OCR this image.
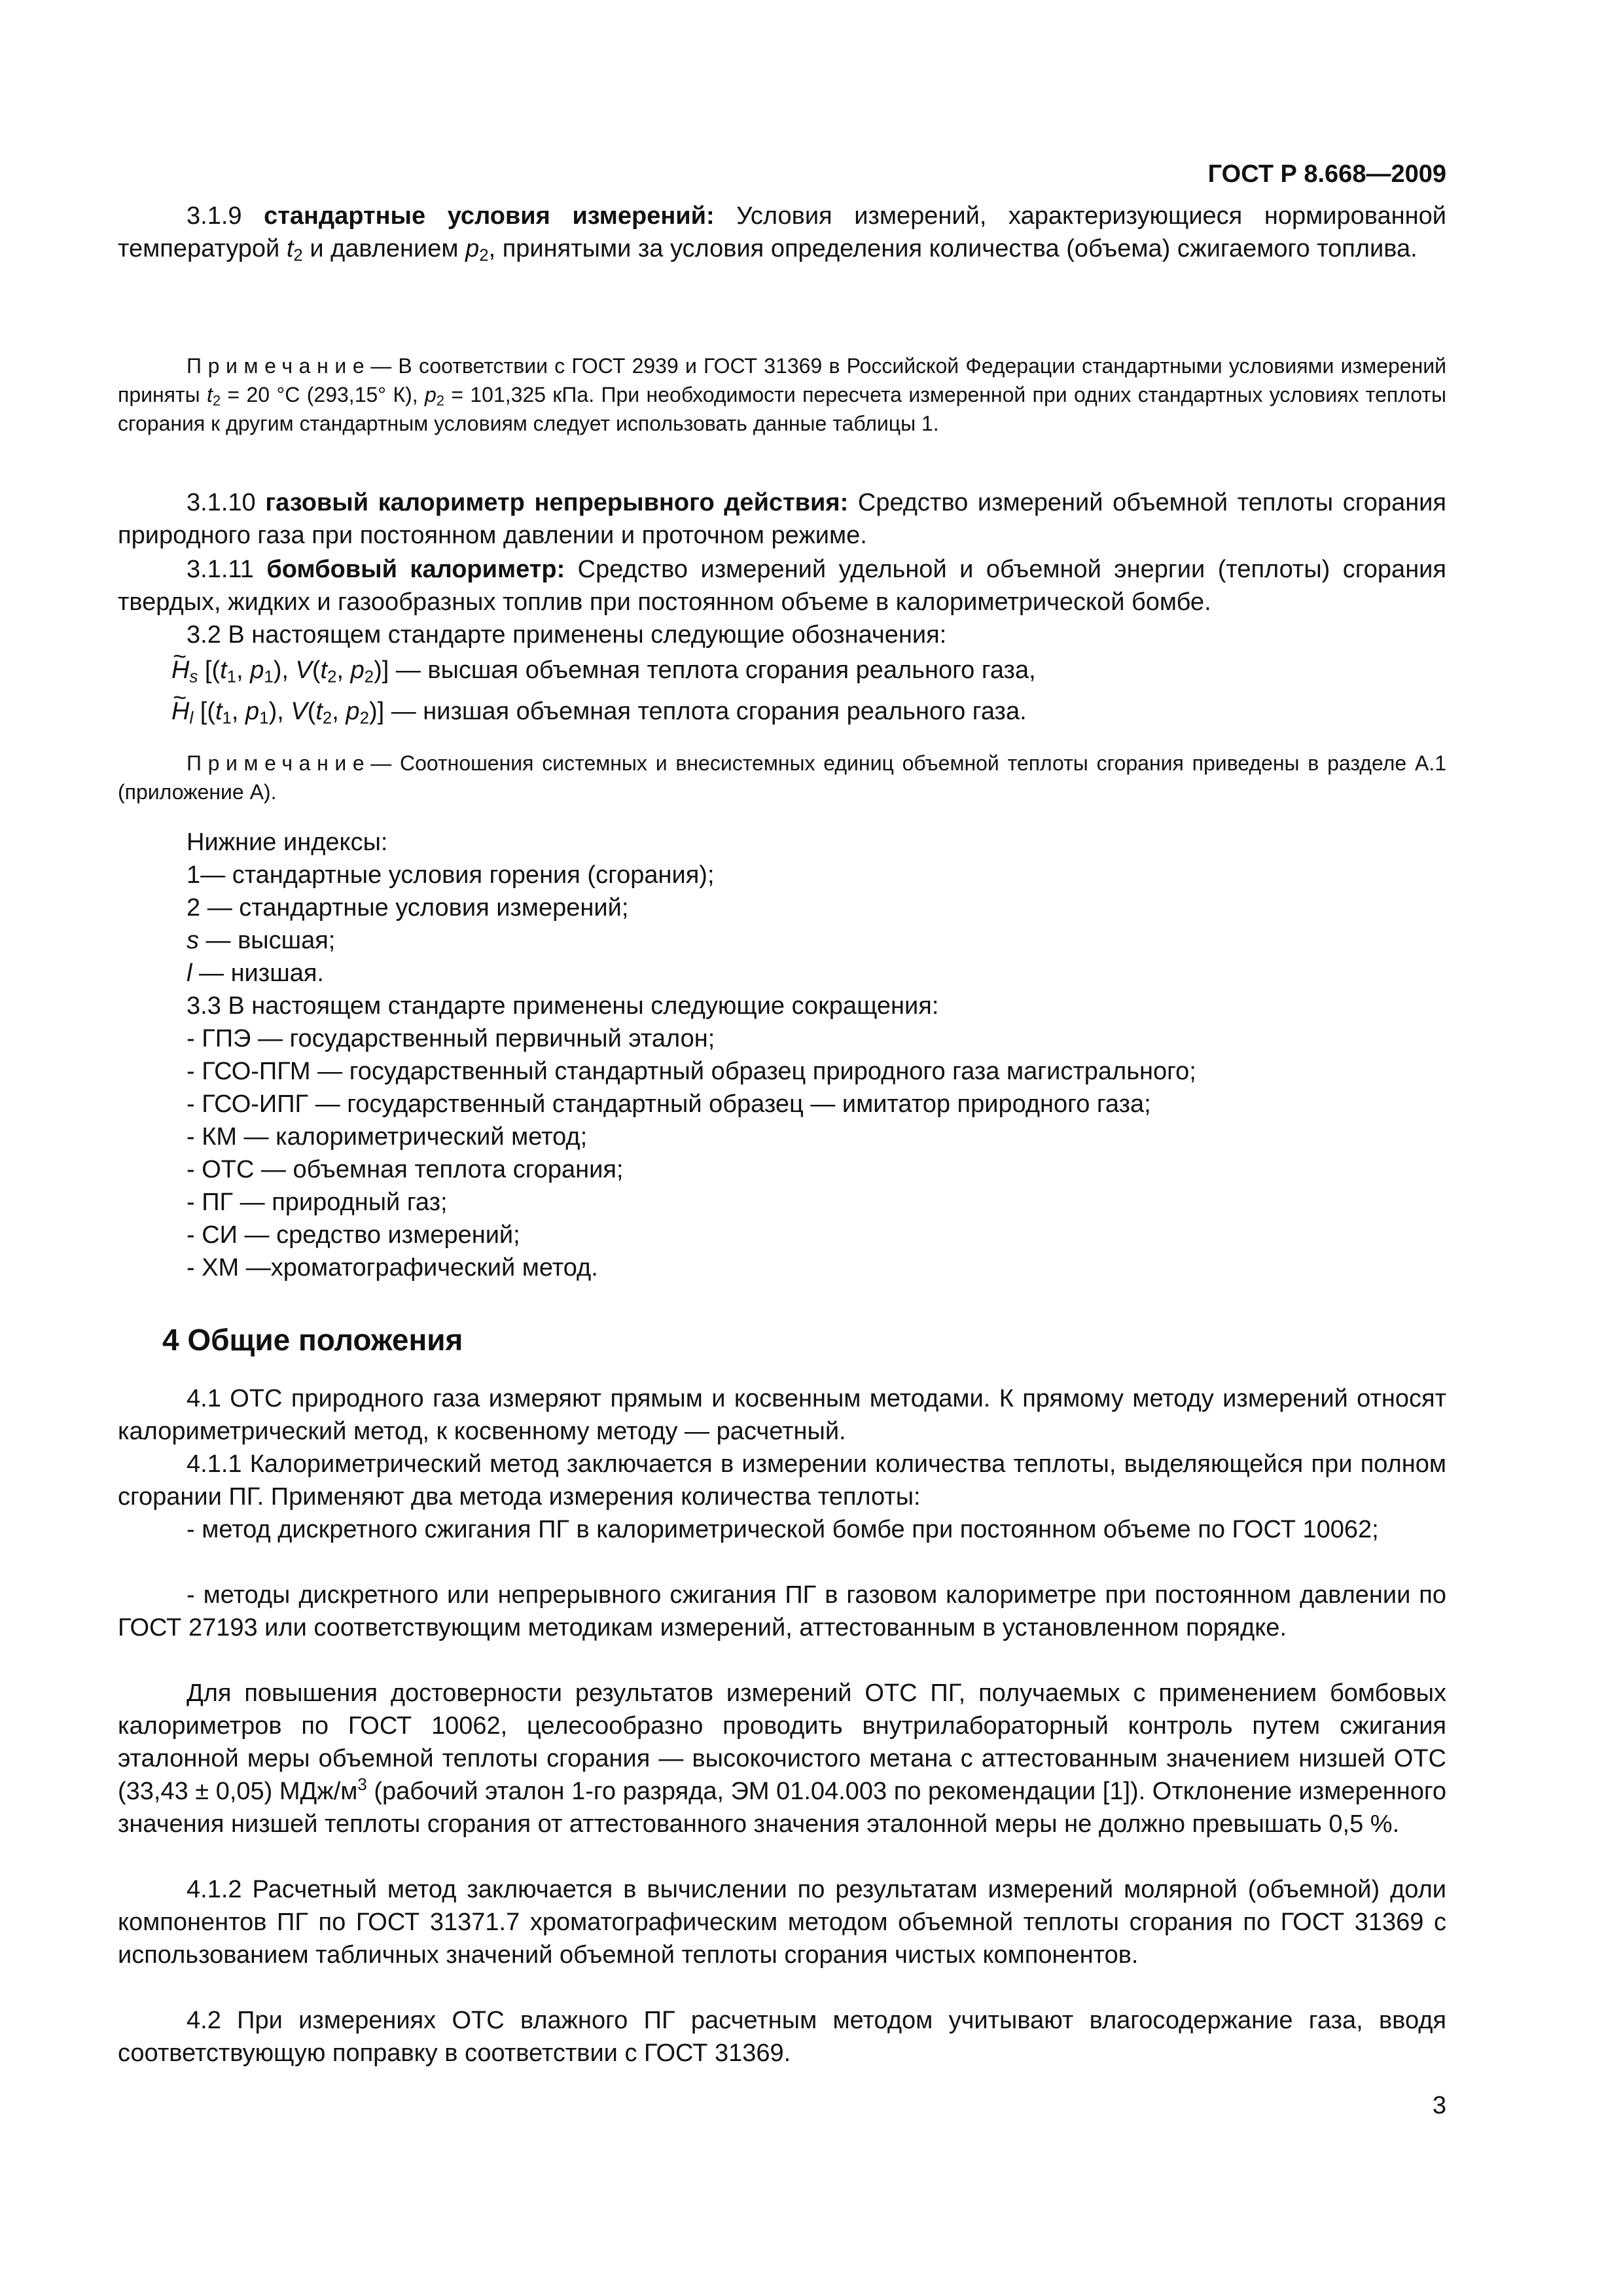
ГОСТ Р 8.668—2009

3.1.9 стандартные условия измерений: Условия измерений, характеризующиеся нормированной температурой $t_2$ и давлением $p_2$, принятыми за условия определения количества (объема) сжигаемого топлива.

Примечание— В соответствии с ГОСТ 2939 и ГОСТ 31369 в Российской Федерации стандартными условиями измерений приняты $t_2 = 20$ °С (293,15° К), $p_2 = 101,325$ кПа. При необходимости пересчета измеренной при одних стандартных условиях теплоты сгорания к другим стандартным условиям следует использовать данные таблицы 1.

3.1.10 газовый калориметр непрерывного действия: Средство измерений объемной теплоты сгорания природного газа при постоянном давлении и проточном режиме.

3.1.11 бомбовый калориметр: Средство измерений удельной и объемной энергии (теплоты) сгорания твердых, жидких и газообразных топлив при постоянном объеме в калориметрической бомбе.

3.2 В настоящем стандарте применены следующие обозначения:

~ $H_s$ [($t_1$, $p_1$), $V(t_2$, $p_2$)] — высшая объемная теплота сгорания реального газа,

~ $H_l$ [($t_1$, $p_1$), $V(t_2$, $p_2$)] — низшая объемная теплота сгорания реального газа.

Примечание— Соотношения системных и внесистемных единиц объемной теплоты сгорания приведены в разделе А.1 (приложение А).

Нижние индексы:

1— стандартные условия горения (сгорания);
2 — стандартные условия измерений;
s — высшая;
l — низшая.

3.3 В настоящем стандарте применены следующие сокращения:

- ГПЭ — государственный первичный эталон;
- ГСО-ПГМ — государственный стандартный образец природного газа магистрального;
- ГСО-ИПГ — государственный стандартный образец — имитатор природного газа;
- КМ — калориметрический метод;
- ОТС — объемная теплота сгорания;
- ПГ — природный газ;
- СИ — средство измерений;
- ХМ —хроматографический метод.
4 Общие положения

4.1 ОТС природного газа измеряют прямым и косвенным методами. К прямому методу измерений относят калориметрический метод, к косвенному методу — расчетный.

4.1.1 Калориметрический метод заключается в измерении количества теплоты, выделяющейся при полном сгорании ПГ. Применяют два метода измерения количества теплоты:

- метод дискретного сжигания ПГ в калориметрической бомбе при постоянном объеме по ГОСТ 10062;

- методы дискретного или непрерывного сжигания ПГ в газовом калориметре при постоянном давлении по ГОСТ 27193 или соответствующим методикам измерений, аттестованным в установленном порядке.

Для повышения достоверности результатов измерений ОТС ПГ, получаемых с применением бомбовых калориметров по ГОСТ 10062, целесообразно проводить внутрилабораторный контроль путем сжигания эталонной меры объемной теплоты сгорания — высокочистого метана с аттестованным значением низшей ОТС (33,43 ± 0,05) МДж/$м^3$ (рабочий эталон 1-го разряда, ЭМ 01.04.003 по рекомендации [1]). Отклонение измеренного значения низшей теплоты сгорания от аттестованного значения эталонной меры не должно превышать 0,5 %.

4.1.2 Расчетный метод заключается в вычислении по результатам измерений молярной (объемной) доли компонентов ПГ по ГОСТ 31371.7 хроматографическим методом объемной теплоты сгорания по ГОСТ 31369 с использованием табличных значений объемной теплоты сгорания чистых компонентов.

4.2 При измерениях ОТС влажного ПГ расчетным методом учитывают влагосодержание газа, вводя соответствующую поправку в соответствии с ГОСТ 31369.

3
